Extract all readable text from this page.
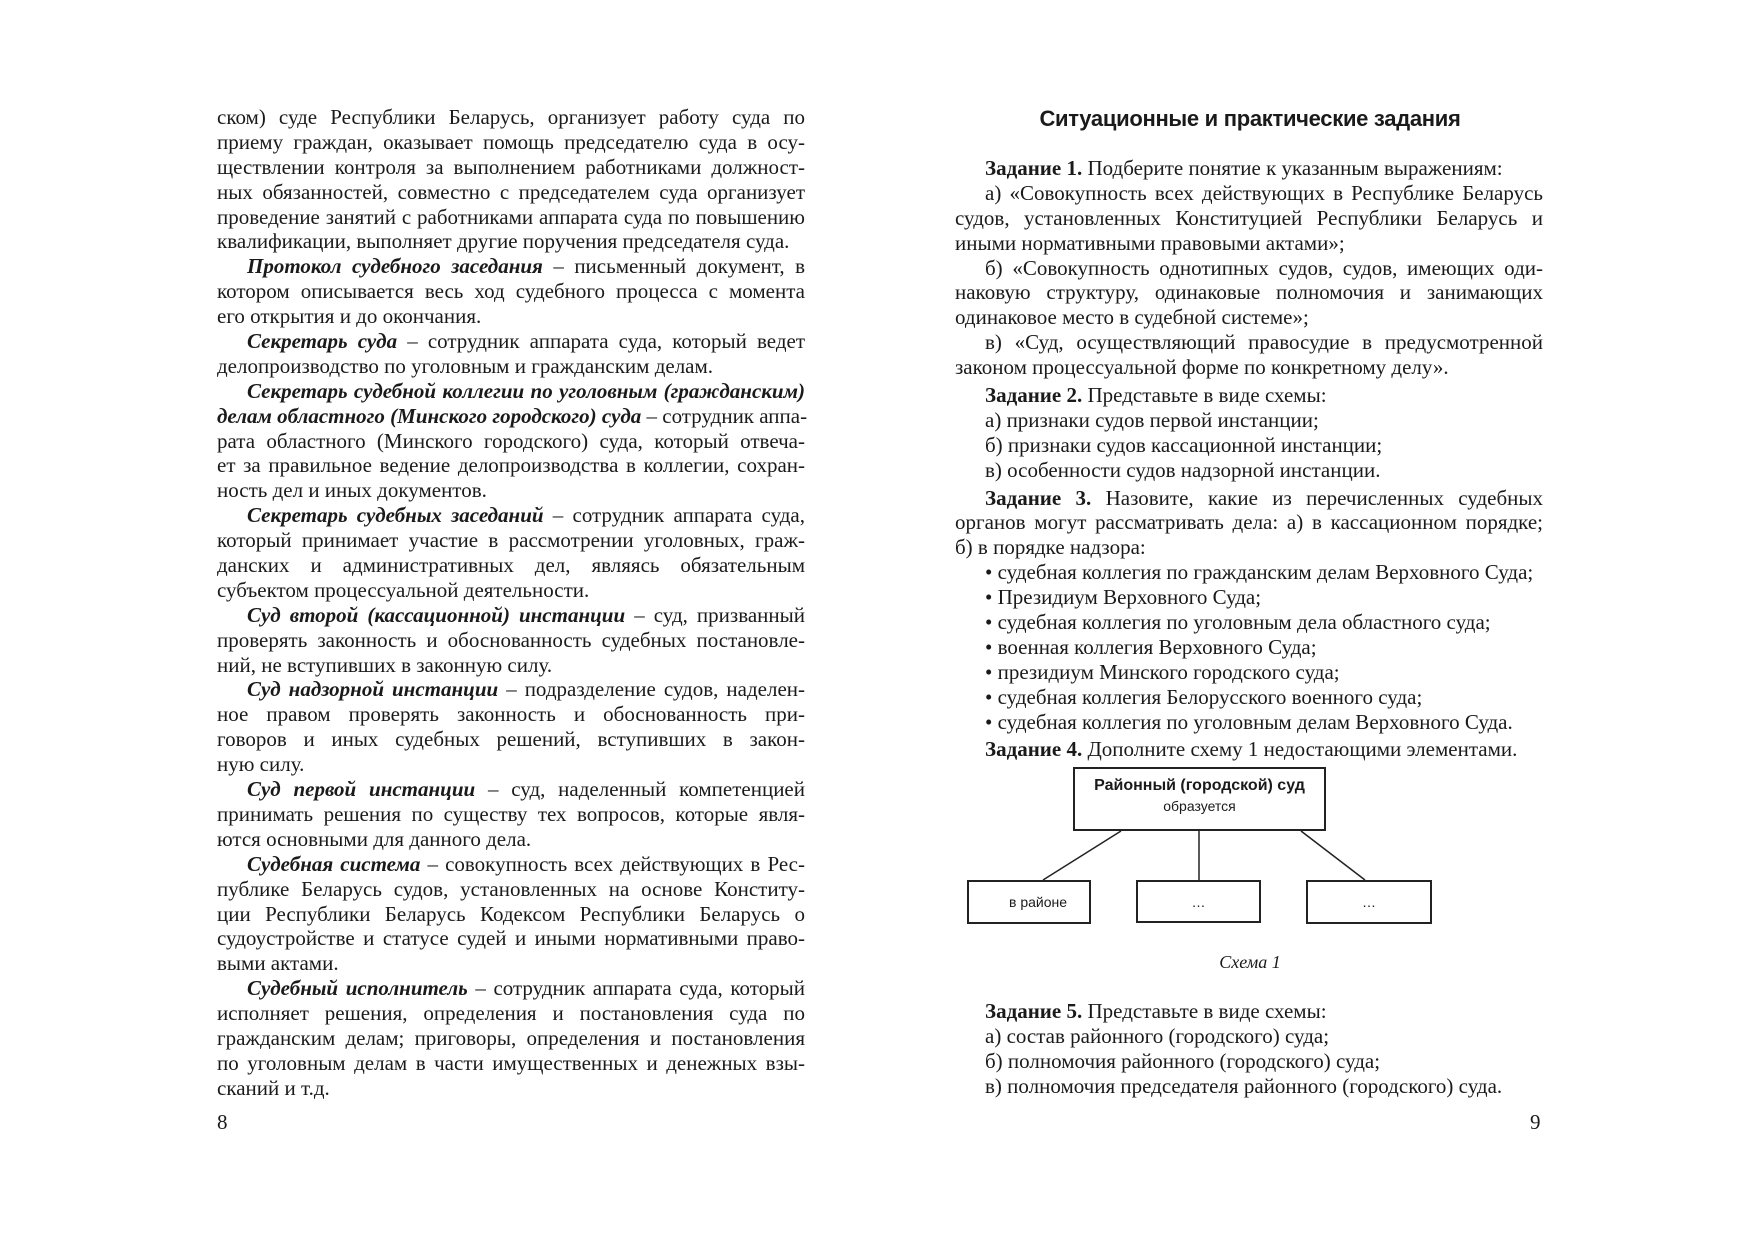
ском) суде Республики Беларусь, организует работу суда по
приему граждан, оказывает помощь председателю суда в осу-
ществлении контроля за выполнением работниками должност-
ных обязанностей, совместно с председателем суда организует
проведение занятий с работниками аппарата суда по повышению
квалификации, выполняет другие поручения председателя суда.
Протокол судебного заседания – письменный документ, в
котором описывается весь ход судебного процесса с момента
его открытия и до окончания.
Секретарь суда – сотрудник аппарата суда, который ведет
делопроизводство по уголовным и гражданским делам.
Секретарь судебной коллегии по уголовным (гражданским)
делам областного (Минского городского) суда – сотрудник аппа-
рата областного (Минского городского) суда, который отвеча-
ет за правильное ведение делопроизводства в коллегии, сохран-
ность дел и иных документов.
Секретарь судебных заседаний – сотрудник аппарата суда,
который принимает участие в рассмотрении уголовных, граж-
данских и административных дел, являясь обязательным
субъектом процессуальной деятельности.
Суд второй (кассационной) инстанции – суд, призванный
проверять законность и обоснованность судебных постановле-
ний, не вступивших в законную силу.
Суд надзорной инстанции – подразделение судов, наделен-
ное правом проверять законность и обоснованность при-
говоров и иных судебных решений, вступивших в закон-
ную силу.
Суд первой инстанции – суд, наделенный компетенцией
принимать решения по существу тех вопросов, которые явля-
ются основными для данного дела.
Судебная система – совокупность всех действующих в Рес-
публике Беларусь судов, установленных на основе Конститу-
ции Республики Беларусь Кодексом Республики Беларусь о
судоустройстве и статусе судей и иными нормативными право-
выми актами.
Судебный исполнитель – сотрудник аппарата суда, который
исполняет решения, определения и постановления суда по
гражданским делам; приговоры, определения и постановления
по уголовным делам в части имущественных и денежных взы-
сканий и т.д.
8
Ситуационные и практические задания
Задание 1. Подберите понятие к указанным выражениям:
а) «Совокупность всех действующих в Республике Беларусь
судов, установленных Конституцией Республики Беларусь и
иными нормативными правовыми актами»;
б) «Совокупность однотипных судов, судов, имеющих оди-
наковую структуру, одинаковые полномочия и занимающих
одинаковое место в судебной системе»;
в) «Суд, осуществляющий правосудие в предусмотренной
законом процессуальной форме по конкретному делу».
Задание 2. Представьте в виде схемы:
а) признаки судов первой инстанции;
б) признаки судов кассационной инстанции;
в) особенности судов надзорной инстанции.
Задание 3. Назовите, какие из перечисленных судебных
органов могут рассматривать дела: а) в кассационном порядке;
б) в порядке надзора:
• судебная коллегия по гражданским делам Верховного Суда;
• Президиум Верховного Суда;
• судебная коллегия по уголовным дела областного суда;
• военная коллегия Верховного Суда;
• президиум Минского городского суда;
• судебная коллегия Белорусского военного суда;
• судебная коллегия по уголовным делам Верховного Суда.
Задание 4. Дополните схему 1 недостающими элементами.
Районный (городской) суд
образуется
в районе	…	…
Схема 1
Задание 5. Представьте в виде схемы:
а) состав районного (городского) суда;
б) полномочия районного (городского) суда;
в) полномочия председателя районного (городского) суда.
9
